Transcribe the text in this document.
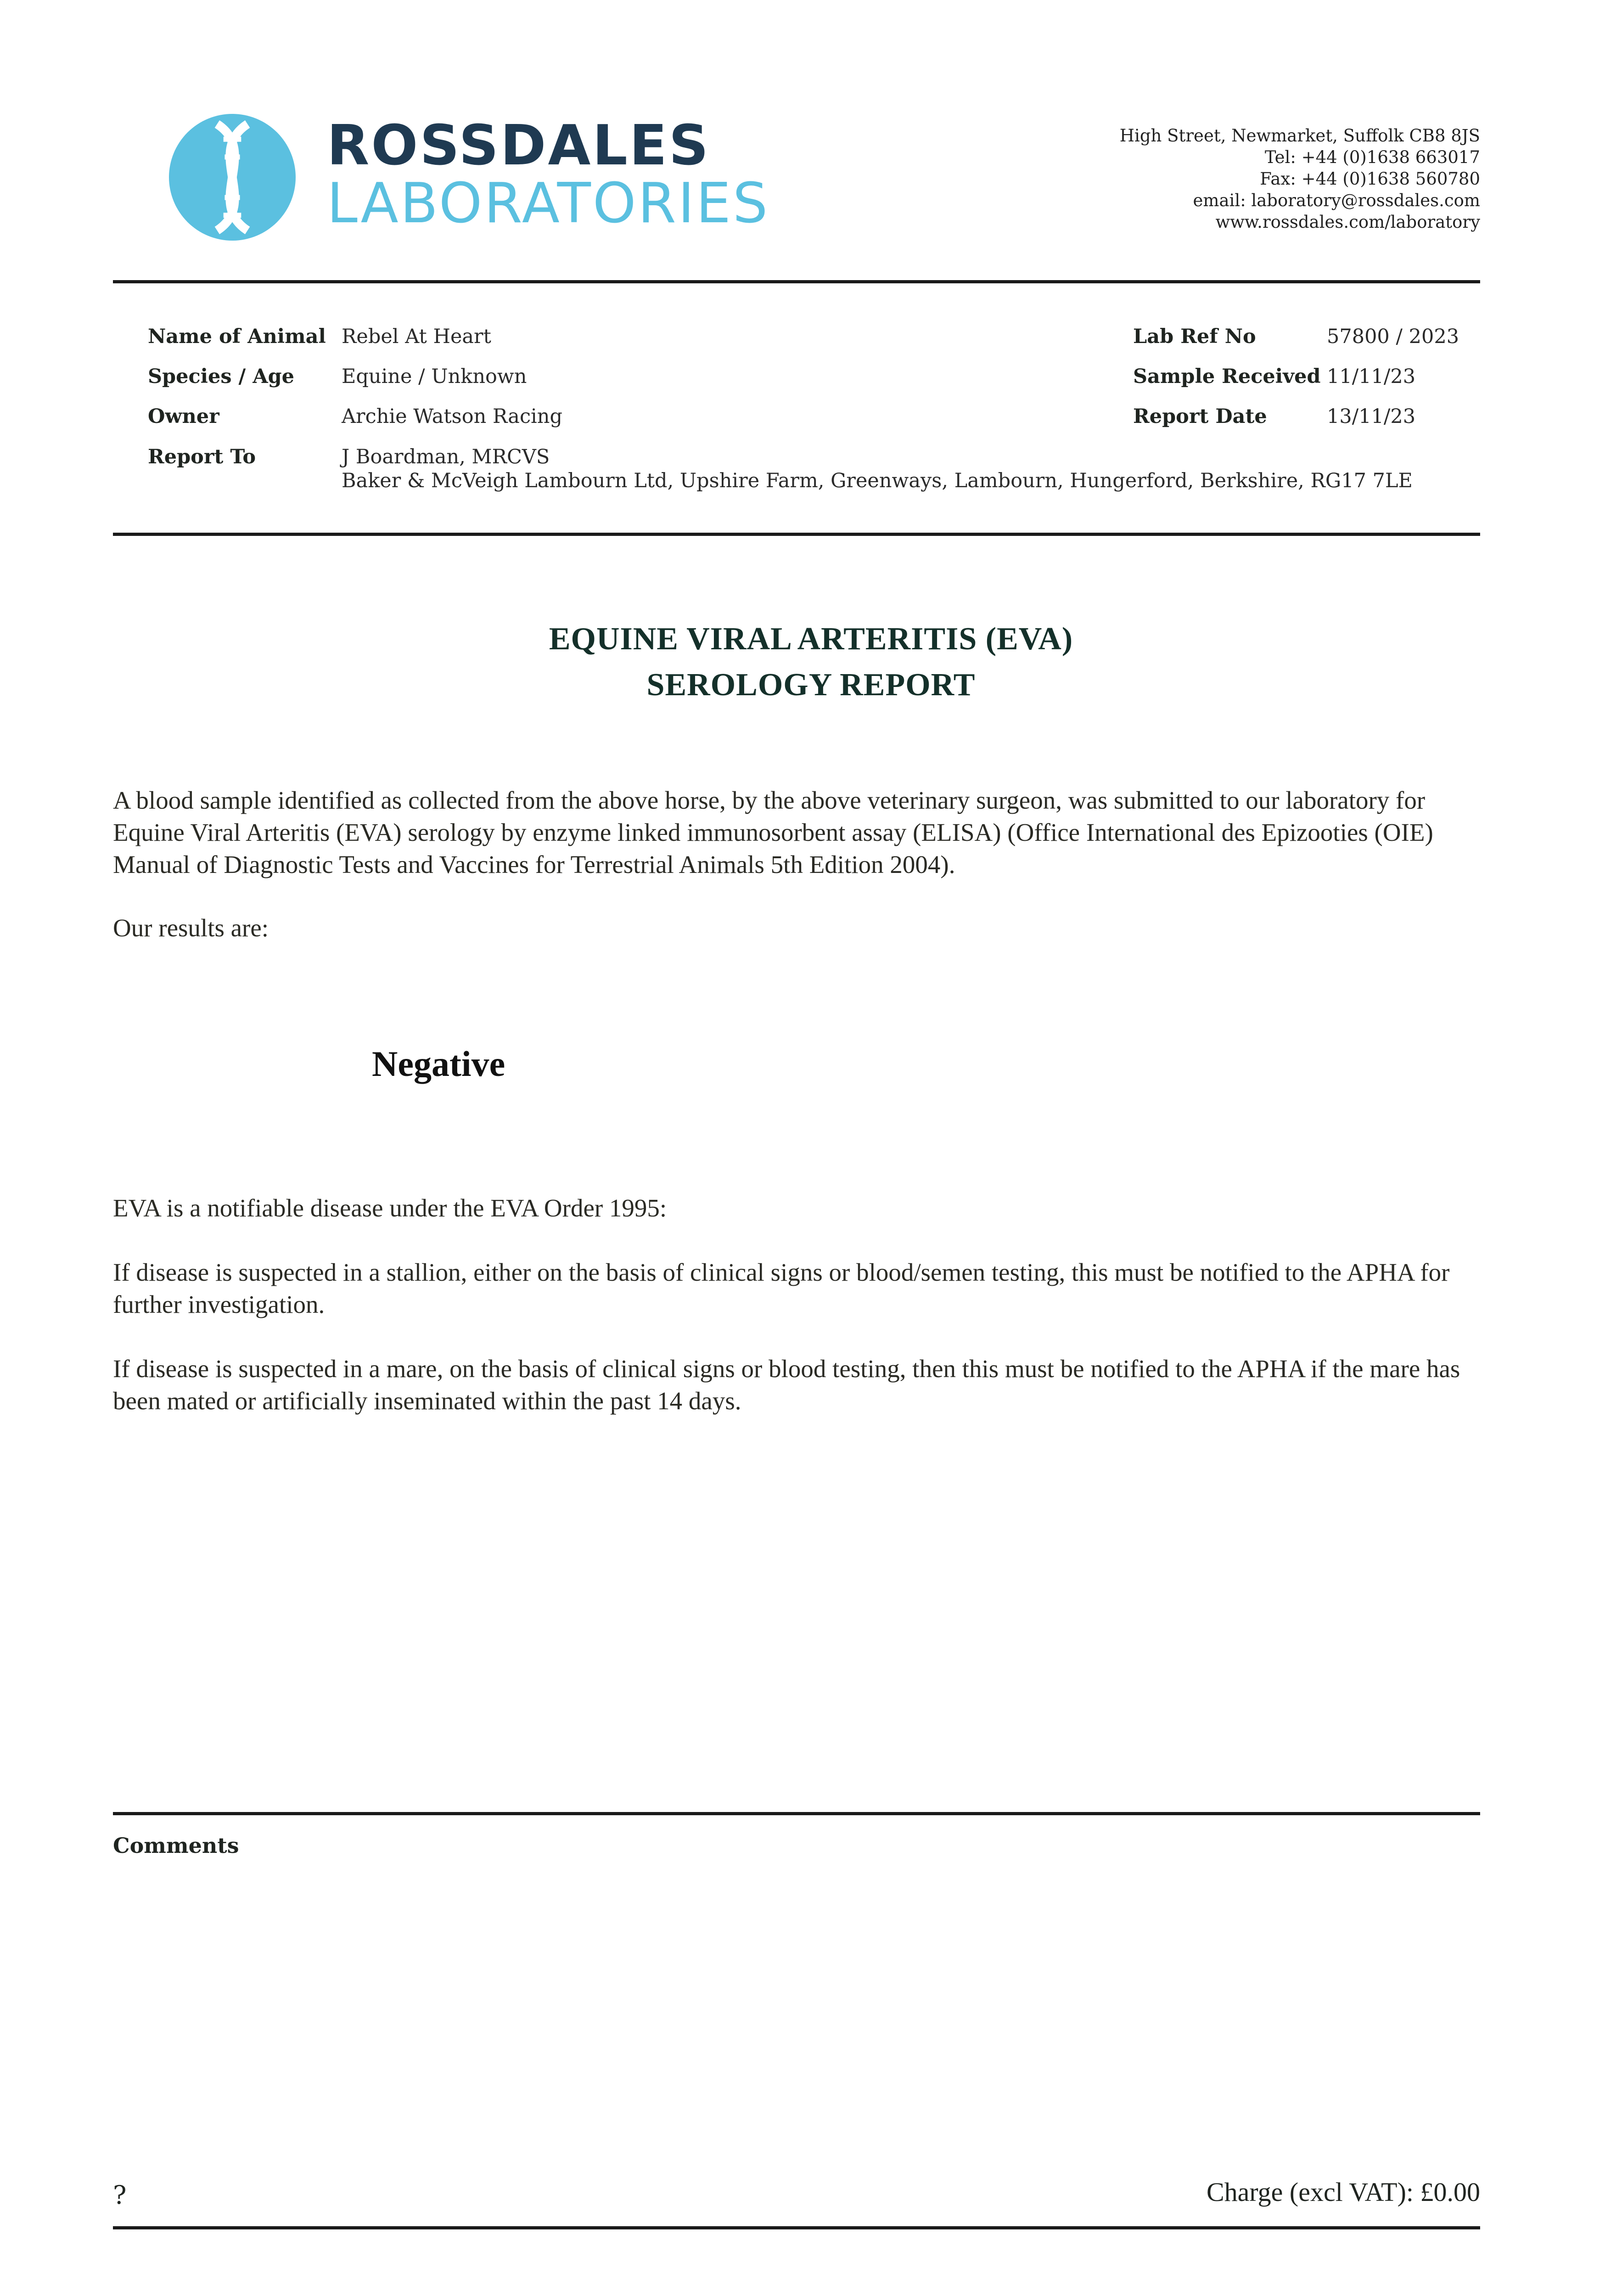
ROSSDALES
LABORATORIES
High Street, Newmarket, Suffolk CB8 8JS
Tel: +44 (0)1638 663017
Fax: +44 (0)1638 560780
email: laboratory@rossdales.com
www.rossdales.com/laboratory
Name of Animal Rebel At Heart
Species / Age Equine / Unknown
Owner	Archie Watson Racing
Report To	J Boardman, MRCVS
Baker & McVeigh Lambourn Ltd, Upshire Farm, Greenways, Lambourn, Hungerford, Berkshire, RG17 7LE
Lab Ref No	57800 / 2023
Sample Received 11/11/23
Report Date	13/11/23
EQUINE VIRAL ARTERITIS (EVA)
SEROLOGY REPORT
A blood sample identified as collected from the above horse, by the above veterinary surgeon, was submitted to our laboratory for Equine Viral Arteritis (EVA) serology by enzyme linked immunosorbent assay (ELISA) (Office International des Epizooties (OIE) Manual of Diagnostic Tests and Vaccines for Terrestrial Animals 5th Edition 2004).
Our results are:
Negative
EVA is a notifiable disease under the EVA Order 1995:
If disease is suspected in a stallion, either on the basis of clinical signs or blood/semen testing, this must be notified to the APHA for further investigation.
If disease is suspected in a mare, on the basis of clinical signs or blood testing, then this must be notified to the APHA if the mare has been mated or artificially inseminated within the past 14 days.
Comments
?	Charge (excl VAT): £0.00
